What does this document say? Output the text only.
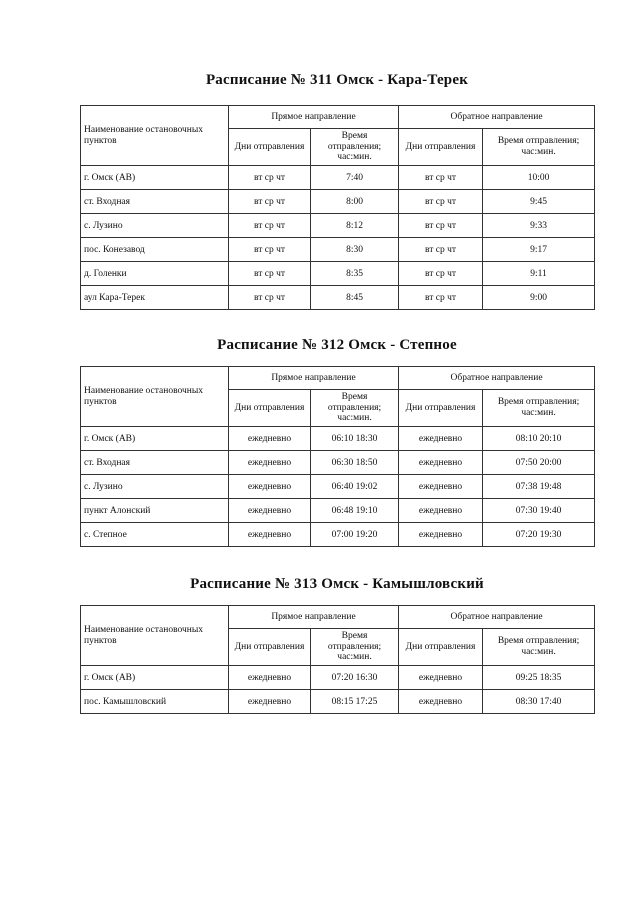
Расписание № 311 Омск - Кара-Терек
Наименование остановочных пунктов	Прямое направление		Обратное направление	
	Дни отправления	Время отправления; час:мин.	Дни отправления	Время отправления; час:мин.
г. Омск (АВ)	вт ср чт	7:40	вт ср чт	10:00
ст. Входная	вт ср чт	8:00	вт ср чт	9:45
с. Лузино	вт ср чт	8:12	вт ср чт	9:33
пос. Конезавод	вт ср чт	8:30	вт ср чт	9:17
д. Голенки	вт ср чт	8:35	вт ср чт	9:11
аул Кара-Терек	вт ср чт	8:45	вт ср чт	9:00
Расписание № 312 Омск - Степное
Наименование остановочных пунктов	Прямое направление		Обратное направление	
	Дни отправления	Время отправления; час:мин.	Дни отправления	Время отправления; час:мин.
г. Омск (АВ)	ежедневно	06:10 18:30	ежедневно	08:10 20:10
ст. Входная	ежедневно	06:30 18:50	ежедневно	07:50 20:00
с. Лузино	ежедневно	06:40 19:02	ежедневно	07:38 19:48
пункт Алонский	ежедневно	06:48 19:10	ежедневно	07:30 19:40
с. Степное	ежедневно	07:00 19:20	ежедневно	07:20 19:30
Расписание № 313 Омск - Камышловский
Наименование остановочных пунктов	Прямое направление		Обратное направление	
	Дни отправления	Время отправления; час:мин.	Дни отправления	Время отправления; час:мин.
г. Омск (АВ)	ежедневно	07:20 16:30	ежедневно	09:25 18:35
пос. Камышловский	ежедневно	08:15 17:25	ежедневно	08:30 17:40
